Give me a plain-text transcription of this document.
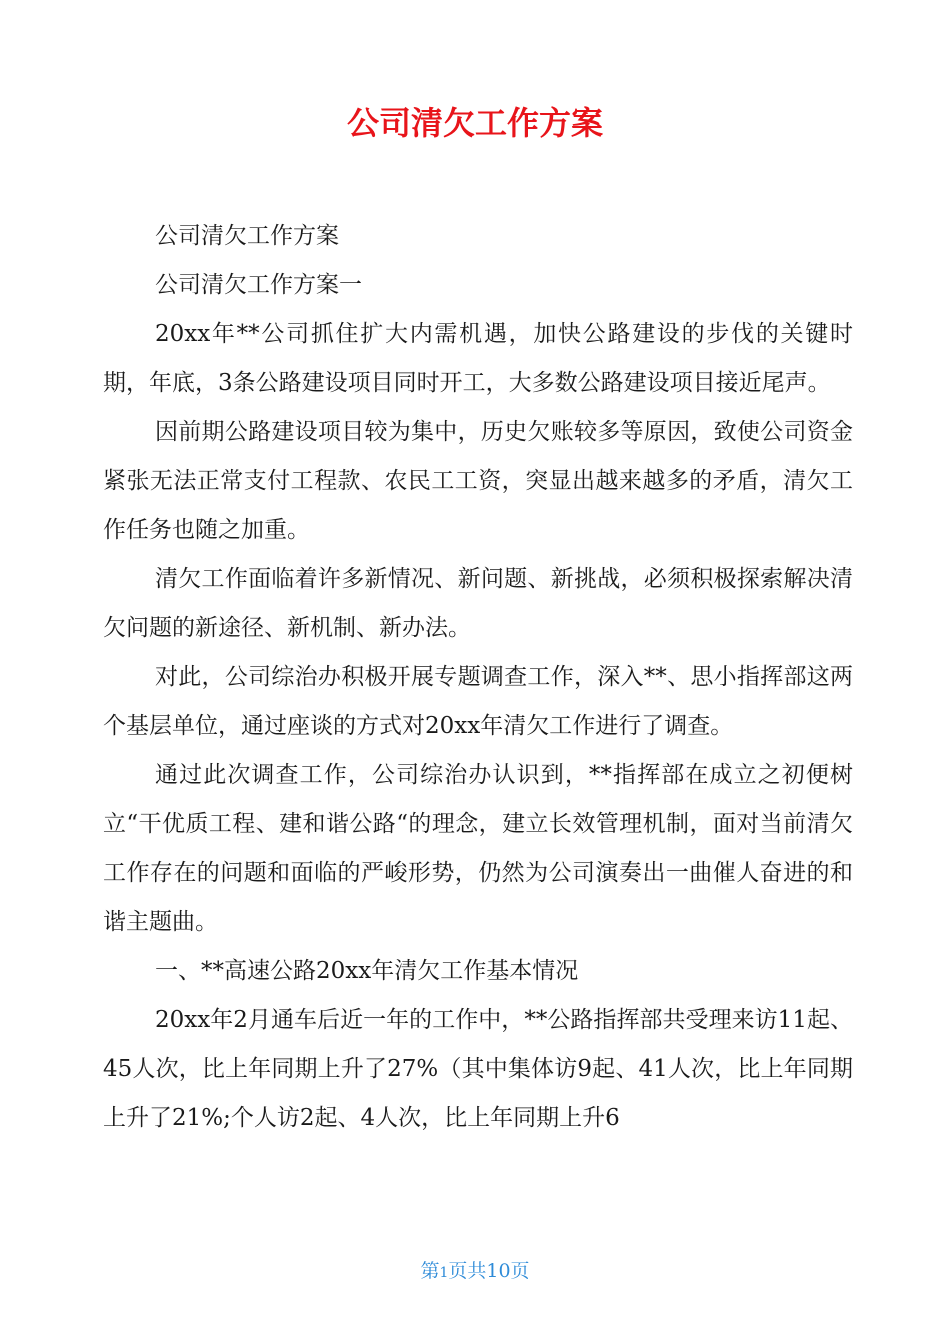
公司清欠工作方案

公司清欠工作方案

公司清欠工作方案一

20xx年**公司抓住扩大内需机遇，加快公路建设的步伐的关键时期，年底，3条公路建设项目同时开工，大多数公路建设项目接近尾声。

因前期公路建设项目较为集中，历史欠账较多等原因，致使公司资金紧张无法正常支付工程款、农民工工资，突显出越来越多的矛盾，清欠工作任务也随之加重。

清欠工作面临着许多新情况、新问题、新挑战，必须积极探索解决清欠问题的新途径、新机制、新办法。

对此，公司综治办积极开展专题调查工作，深入**、思小指挥部这两个基层单位，通过座谈的方式对20xx年清欠工作进行了调查。

通过此次调查工作，公司综治办认识到，**指挥部在成立之初便树立“干优质工程、建和谐公路“的理念，建立长效管理机制，面对当前清欠工作存在的问题和面临的严峻形势，仍然为公司演奏出一曲催人奋进的和谐主题曲。

一、**高速公路20xx年清欠工作基本情况

20xx年2月通车后近一年的工作中，**公路指挥部共受理来访11起、45人次，比上年同期上升了27%（其中集体访9起、41人次，比上年同期上升了21%;个人访2起、4人次，比上年同期上升6

第1页共10页
